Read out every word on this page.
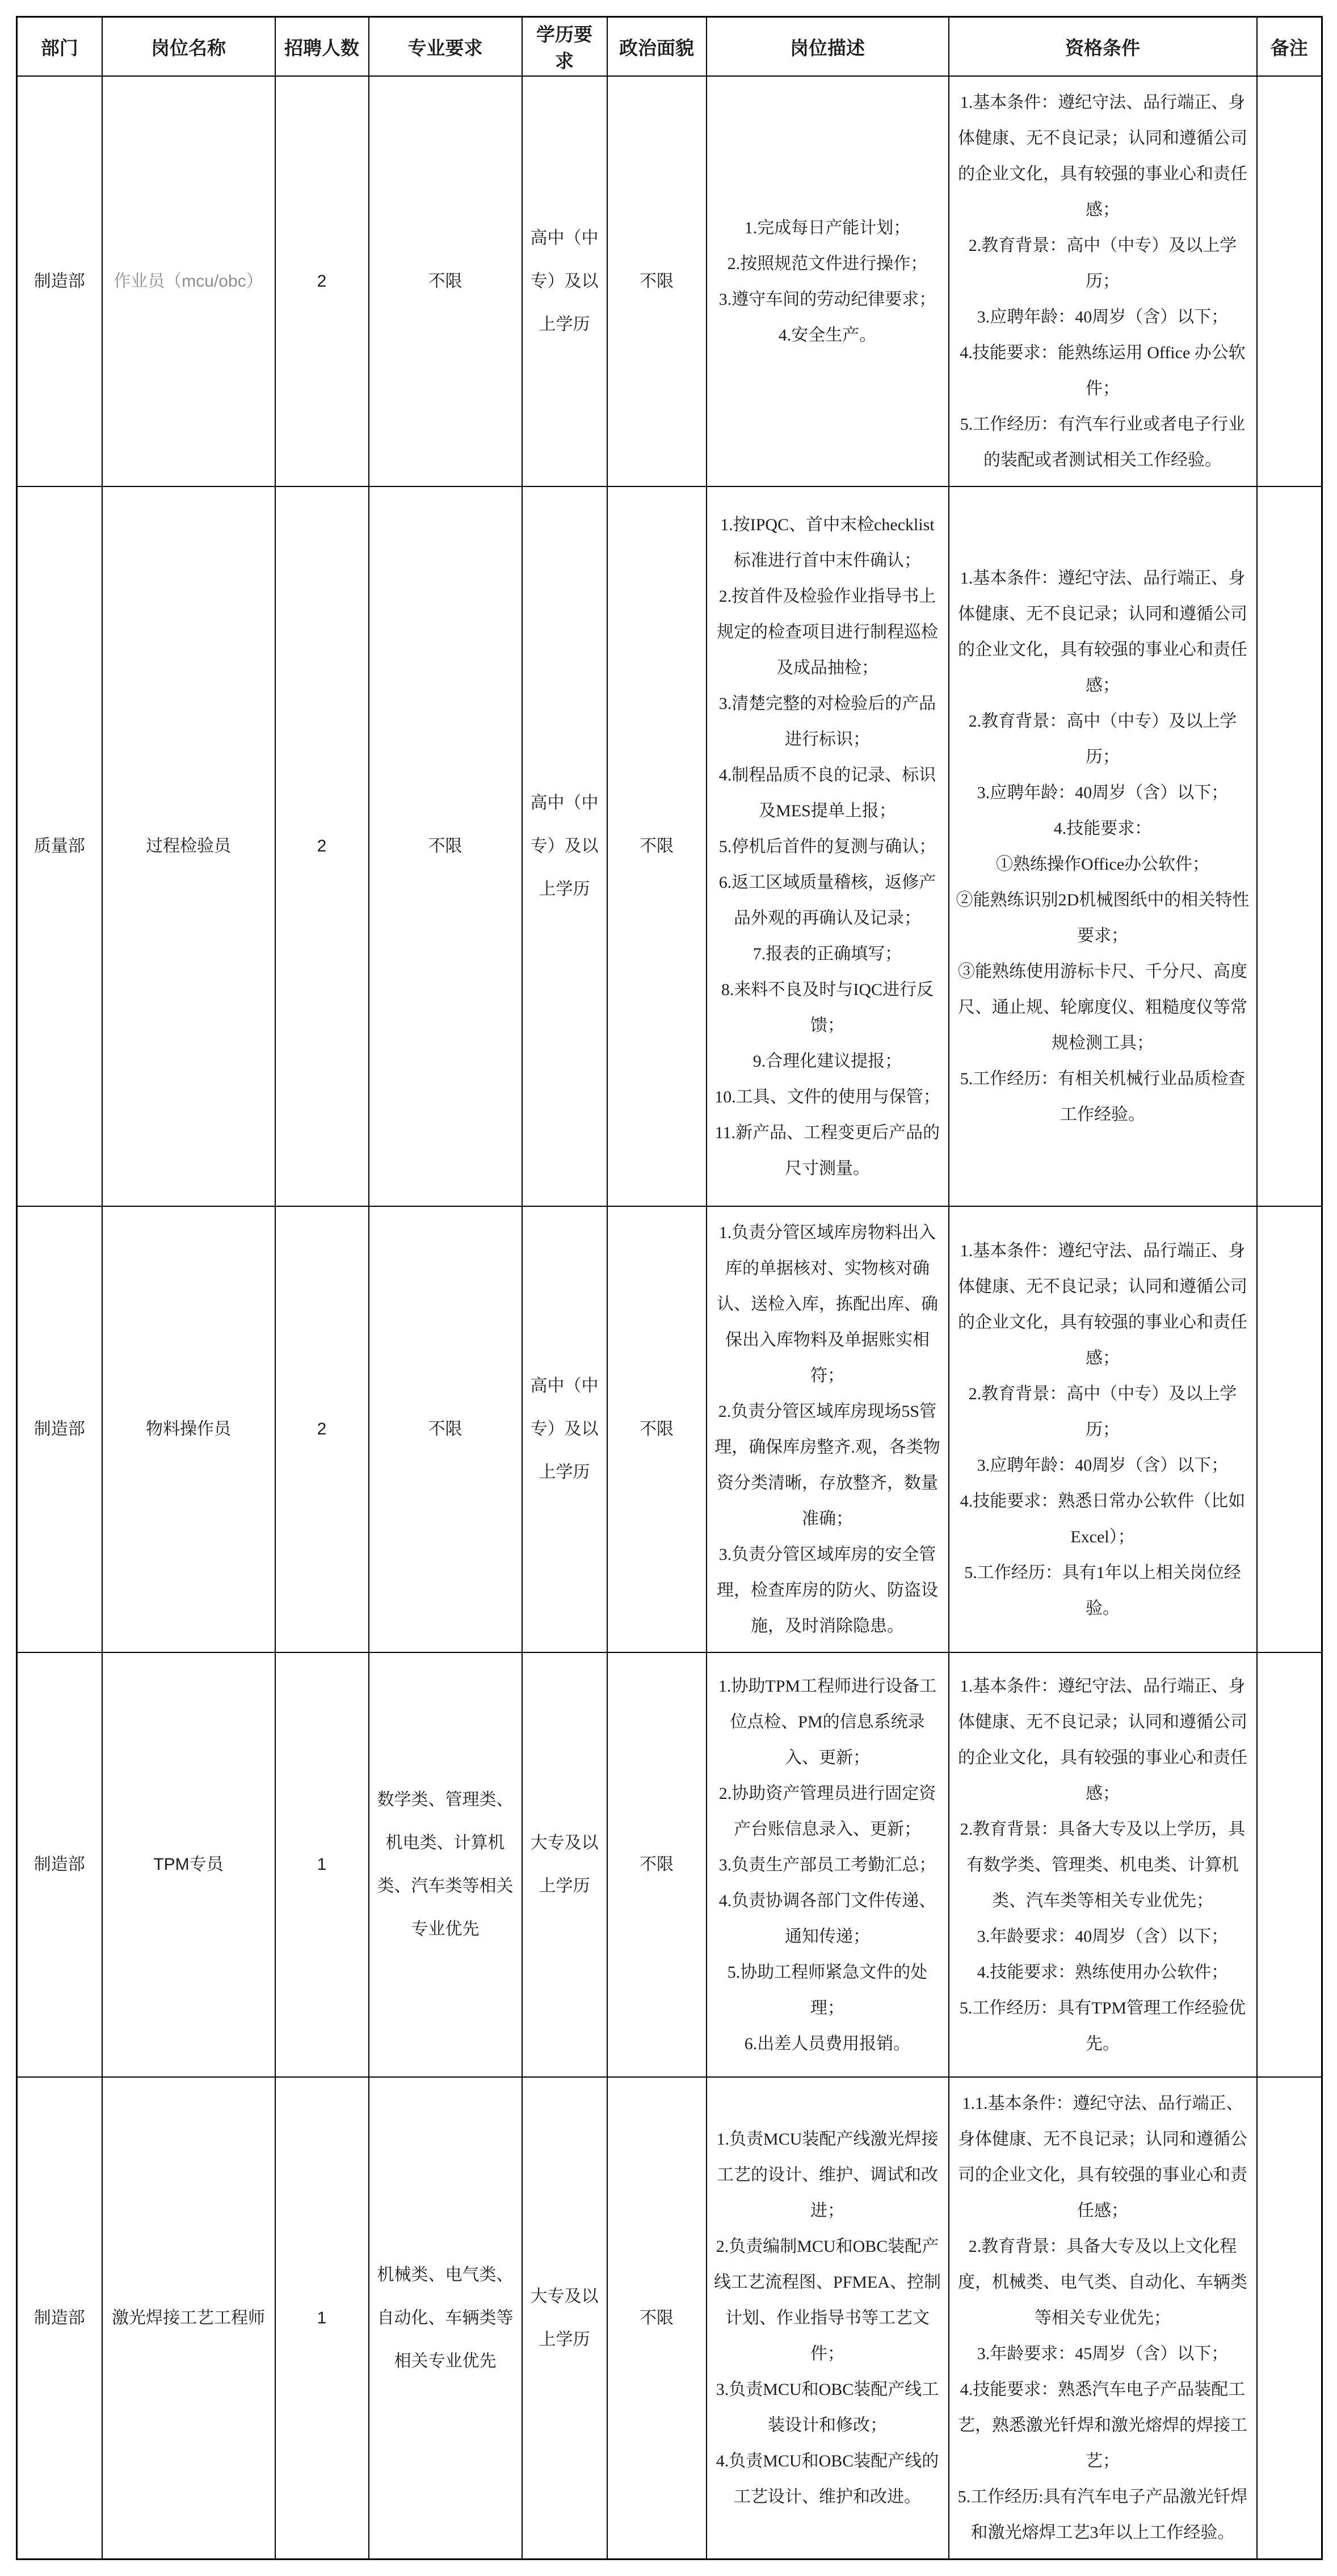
部门	岗位名称	招聘人数	专业要求	学历要求	政治面貌	岗位描述	资格条件	备注
制造部	作业员（mcu/obc）	2	不限	高中（中专）及以上学历	不限	
1.完成每日产能计划；
2.按照规范文件进行操作；
3.遵守车间的劳动纪律要求；
4.安全生产。

1.基本条件：遵纪守法、品行端正、身体健康、无不良记录；认同和遵循公司的企业文化，具有较强的事业心和责任感；
2.教育背景：高中（中专）及以上学历；
3.应聘年龄：40周岁（含）以下；
4.技能要求：能熟练运用 Office 办公软件；
5.工作经历：有汽车行业或者电子行业的装配或者测试相关工作经验。

质量部	过程检验员	2	不限	高中（中专）及以上学历	不限	
1.按IPQC、首中末检checklist标准进行首中末件确认；
2.按首件及检验作业指导书上规定的检查项目进行制程巡检及成品抽检；
3.清楚完整的对检验后的产品进行标识；
4.制程品质不良的记录、标识及MES提单上报；
5.停机后首件的复测与确认；
6.返工区域质量稽核，返修产品外观的再确认及记录；
7.报表的正确填写；
8.来料不良及时与IQC进行反馈；
9.合理化建议提报；
10.工具、文件的使用与保管；
11.新产品、工程变更后产品的尺寸测量。

1.基本条件：遵纪守法、品行端正、身体健康、无不良记录；认同和遵循公司的企业文化，具有较强的事业心和责任感；
2.教育背景：高中（中专）及以上学历；
3.应聘年龄：40周岁（含）以下；
4.技能要求：
①熟练操作Office办公软件；
②能熟练识别2D机械图纸中的相关特性要求；
③能熟练使用游标卡尺、千分尺、高度尺、通止规、轮廓度仪、粗糙度仪等常规检测工具；
5.工作经历：有相关机械行业品质检查工作经验。

制造部	物料操作员	2	不限	高中（中专）及以上学历	不限	
1.负责分管区域库房物料出入库的单据核对、实物核对确认、送检入库，拣配出库、确保出入库物料及单据账实相符；
2.负责分管区域库房现场5S管理，确保库房整齐.观，各类物资分类清晰，存放整齐，数量准确；
3.负责分管区域库房的安全管理，检查库房的防火、防盗设施，及时消除隐患。

1.基本条件：遵纪守法、品行端正、身体健康、无不良记录；认同和遵循公司的企业文化，具有较强的事业心和责任感；
2.教育背景：高中（中专）及以上学历；
3.应聘年龄：40周岁（含）以下；
4.技能要求：熟悉日常办公软件（比如 Excel）；
5.工作经历：具有1年以上相关岗位经验。

制造部	TPM专员	1	数学类、管理类、机电类、计算机类、汽车类等相关专业优先	大专及以上学历	不限	
1.协助TPM工程师进行设备工位点检、PM的信息系统录入、更新；
2.协助资产管理员进行固定资产台账信息录入、更新；
3.负责生产部员工考勤汇总；
4.负责协调各部门文件传递、通知传递；
5.协助工程师紧急文件的处理；
6.出差人员费用报销。

1.基本条件：遵纪守法、品行端正、身体健康、无不良记录；认同和遵循公司的企业文化，具有较强的事业心和责任感；
2.教育背景：具备大专及以上学历，具有数学类、管理类、机电类、计算机类、汽车类等相关专业优先；
3.年龄要求：40周岁（含）以下；
4.技能要求：熟练使用办公软件；
5.工作经历：具有TPM管理工作经验优先。

制造部	激光焊接工艺工程师	1	机械类、电气类、自动化、车辆类等相关专业优先	大专及以上学历	不限	
1.负责MCU装配产线激光焊接工艺的设计、维护、调试和改进；
2.负责编制MCU和OBC装配产线工艺流程图、PFMEA、控制计划、作业指导书等工艺文件；
3.负责MCU和OBC装配产线工装设计和修改；
4.负责MCU和OBC装配产线的工艺设计、维护和改进。

1.1.基本条件：遵纪守法、品行端正、身体健康、无不良记录；认同和遵循公司的企业文化，具有较强的事业心和责任感；
2.教育背景：具备大专及以上文化程度，机械类、电气类、自动化、车辆类等相关专业优先；
3.年龄要求：45周岁（含）以下；
4.技能要求：熟悉汽车电子产品装配工艺，熟悉激光钎焊和激光熔焊的焊接工艺；
5.工作经历:具有汽车电子产品激光钎焊和激光熔焊工艺3年以上工作经验。
